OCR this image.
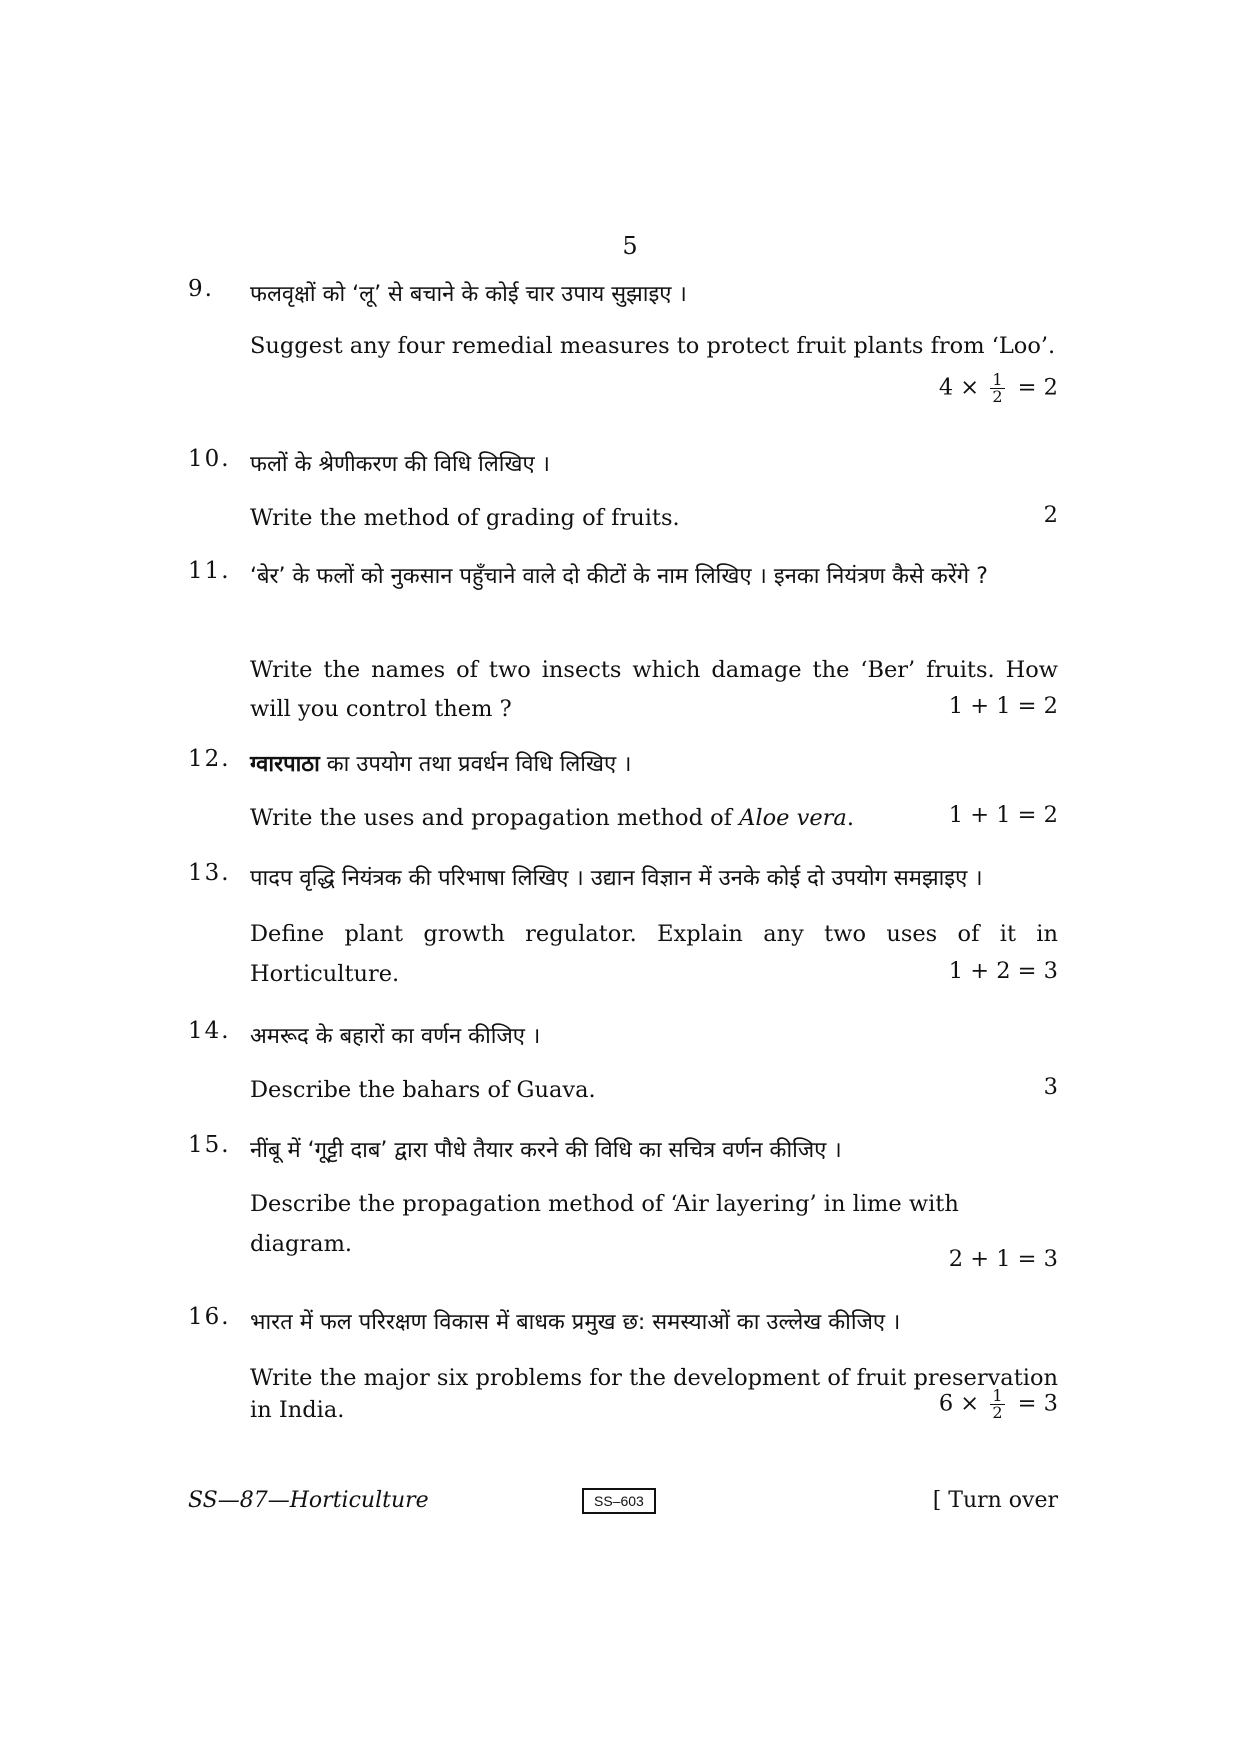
5
9. फलवृक्षों को ‘लू’ से बचाने के कोई चार उपाय सुझाइए ।
Suggest any four remedial measures to protect fruit plants from ‘Loo’.
$4 \times \frac{1}{2} = 2$
10. फलों के श्रेणीकरण की विधि लिखिए ।
Write the method of grading of fruits.	2
11. ‘बेर’ के फलों को नुकसान पहुँचाने वाले दो कीटों के नाम लिखिए । इनका नियंत्रण कैसे करेंगे ?
Write the names of two insects which damage the ‘Ber’ fruits. How
will you control them ?	1 + 1 = 2
12. ग्वारपाठा का उपयोग तथा प्रवर्धन विधि लिखिए ।
Write the uses and propagation method of Aloe vera.	1 + 1 = 2
13. पादप वृद्धि नियंत्रक की परिभाषा लिखिए । उद्यान विज्ञान में उनके कोई दो उपयोग समझाइए ।
Define plant growth regulator. Explain any two uses of it in
Horticulture.	1 + 2 = 3
14. अमरूद के बहारों का वर्णन कीजिए ।
Describe the bahars of Guava.	3
15. नींबू में ‘गूट्टी दाब’ द्वारा पौधे तैयार करने की विधि का सचित्र वर्णन कीजिए ।
Describe the propagation method of ‘Air layering’ in lime with diagram.
2 + 1 = 3
16. भारत में फल परिरक्षण विकास में बाधक प्रमुख छ: समस्याओं का उल्लेख कीजिए ।
Write the major six problems for the development of fruit preservation
in India.	$6 \times \frac{1}{2} = 3$
SS—87—Horticulture	SS–603	[ Turn over
